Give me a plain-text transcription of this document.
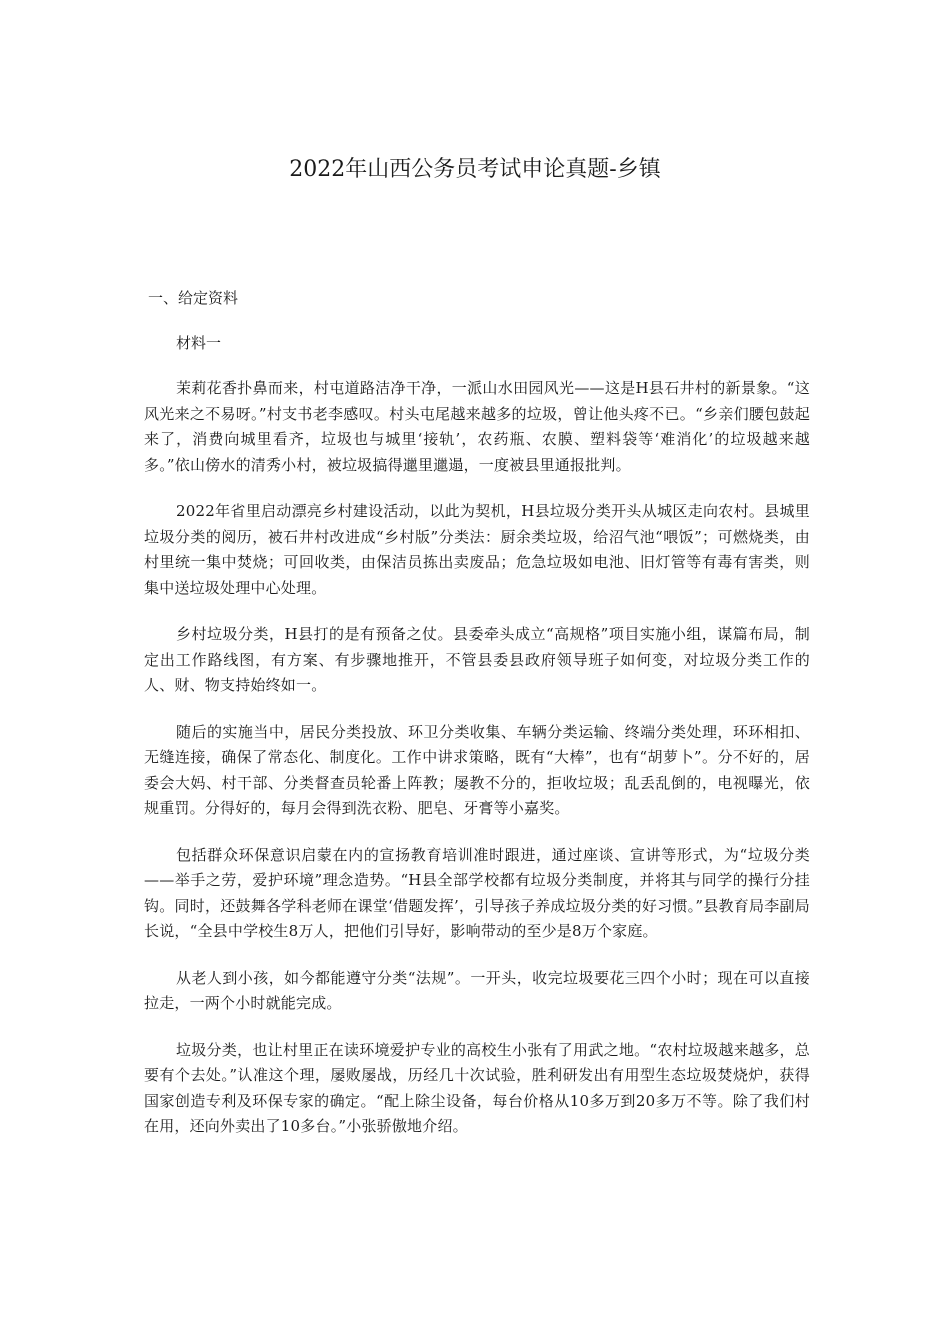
2022年山西公务员考试申论真题-乡镇
一、给定资料
材料一

茉莉花香扑鼻而来，村屯道路洁净干净，一派山水田园风光——这是H县石井村的新景象。“这风光来之不易呀。”村支书老李感叹。村头屯尾越来越多的垃圾，曾让他头疼不已。“乡亲们腰包鼓起来了，消费向城里看齐，垃圾也与城里‘接轨’，农药瓶、农膜、塑料袋等‘难消化’的垃圾越来越多。”依山傍水的清秀小村，被垃圾搞得邋里邋遢，一度被县里通报批判。

2022年省里启动漂亮乡村建设活动，以此为契机，H县垃圾分类开头从城区走向农村。县城里垃圾分类的阅历，被石井村改进成“乡村版”分类法：厨余类垃圾，给沼气池“喂饭”；可燃烧类，由村里统一集中焚烧；可回收类，由保洁员拣出卖废品；危急垃圾如电池、旧灯管等有毒有害类，则集中送垃圾处理中心处理。

乡村垃圾分类，H县打的是有预备之仗。县委牵头成立“高规格”项目实施小组，谋篇布局，制定出工作路线图，有方案、有步骤地推开，不管县委县政府领导班子如何变，对垃圾分类工作的人、财、物支持始终如一。

随后的实施当中，居民分类投放、环卫分类收集、车辆分类运输、终端分类处理，环环相扣、无缝连接，确保了常态化、制度化。工作中讲求策略，既有“大棒”，也有“胡萝卜”。分不好的，居委会大妈、村干部、分类督查员轮番上阵教；屡教不分的，拒收垃圾；乱丢乱倒的，电视曝光，依规重罚。分得好的，每月会得到洗衣粉、肥皂、牙膏等小嘉奖。

包括群众环保意识启蒙在内的宣扬教育培训准时跟进，通过座谈、宣讲等形式，为“垃圾分类——举手之劳，爱护环境”理念造势。“H县全部学校都有垃圾分类制度，并将其与同学的操行分挂钩。同时，还鼓舞各学科老师在课堂‘借题发挥’，引导孩子养成垃圾分类的好习惯。”县教育局李副局长说，“全县中学校生8万人，把他们引导好，影响带动的至少是8万个家庭。

从老人到小孩，如今都能遵守分类“法规”。一开头，收完垃圾要花三四个小时；现在可以直接拉走，一两个小时就能完成。

垃圾分类，也让村里正在读环境爱护专业的高校生小张有了用武之地。“农村垃圾越来越多，总要有个去处。”认准这个理，屡败屡战，历经几十次试验，胜利研发出有用型生态垃圾焚烧炉，获得国家创造专利及环保专家的确定。“配上除尘设备，每台价格从10多万到20多万不等。除了我们村在用，还向外卖出了10多台。”小张骄傲地介绍。
